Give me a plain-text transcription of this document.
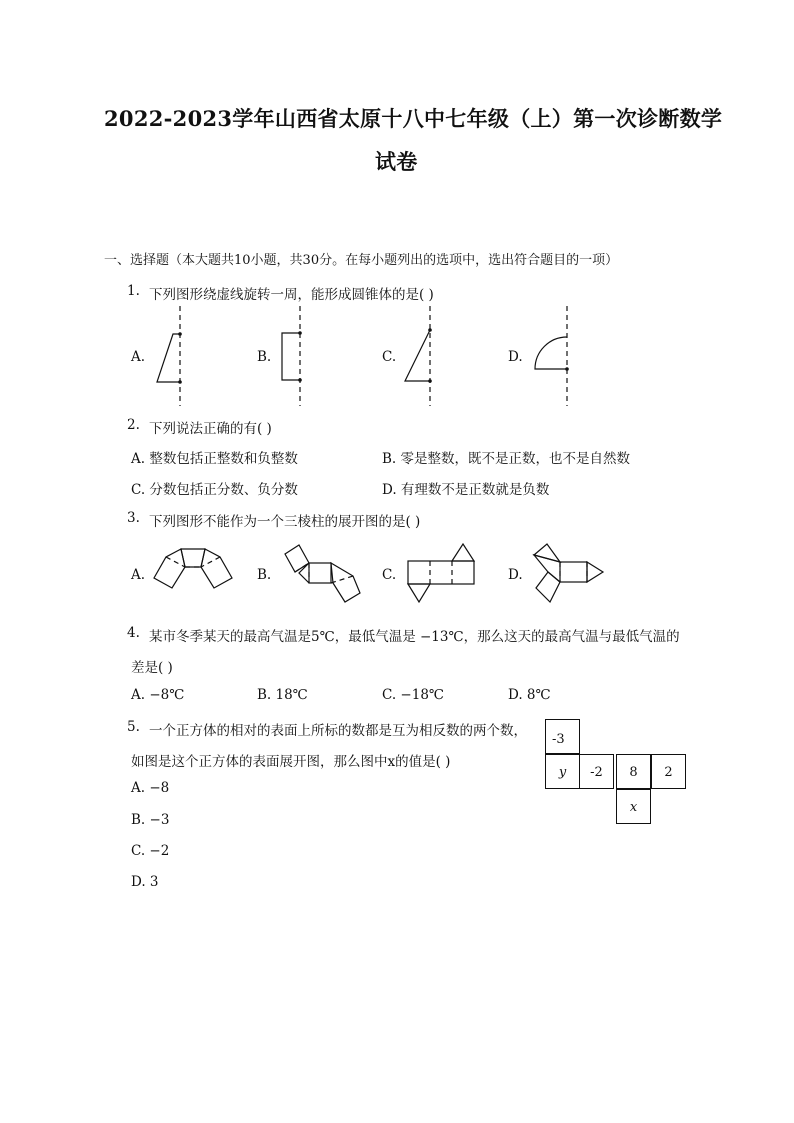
2022-2023学年山西省太原十八中七年级（上）第一次诊断数学
试卷
一、选择题（本大题共10小题，共30分。在每小题列出的选项中，选出符合题目的一项）
1. 下列图形绕虚线旋转一周，能形成圆锥体的是( )
A.	B.	C.	D.
2. 下列说法正确的有( )
A. 整数包括正整数和负整数	B. 零是整数，既不是正数，也不是自然数
C. 分数包括正分数、负分数	D. 有理数不是正数就是负数
3. 下列图形不能作为一个三棱柱的展开图的是( )
A.	B.	C.	D.
4. 某市冬季某天的最高气温是5℃，最低气温是 −13℃，那么这天的最高气温与最低气温的
差是( )
A. −8℃	B. 18℃	C. −18℃	D. 8℃
5. 一个正方体的相对的表面上所标的数都是互为相反数的两个数，
如图是这个正方体的表面展开图，那么图中x的值是( )
A. −8
B. −3
C. −2
D. 3
-3
y	-2	8	2
x
